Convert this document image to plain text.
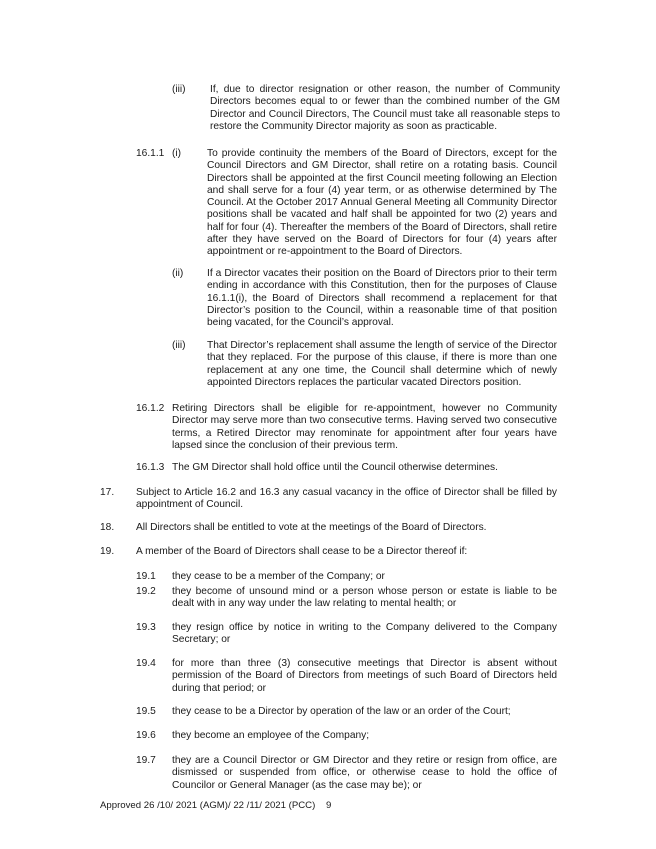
(iii) If, due to director resignation or other reason, the number of Community Directors becomes equal to or fewer than the combined number of the GM Director and Council Directors, The Council must take all reasonable steps to restore the Community Director majority as soon as practicable.
16.1.1 (i)	To provide continuity the members of the Board of Directors, except for the Council Directors and GM Director, shall retire on a rotating basis. Council Directors shall be appointed at the first Council meeting following an Election and shall serve for a four (4) year term, or as otherwise determined by The Council. At the October 2017 Annual General Meeting all Community Director positions shall be vacated and half shall be appointed for two (2) years and half for four (4). Thereafter the members of the Board of Directors, shall retire after they have served on the Board of Directors for four (4) years after appointment or re-appointment to the Board of Directors.
(ii) If a Director vacates their position on the Board of Directors prior to their term ending in accordance with this Constitution, then for the purposes of Clause 16.1.1(i), the Board of Directors shall recommend a replacement for that Director’s position to the Council, within a reasonable time of that position being vacated, for the Council’s approval.
(iii) That Director’s replacement shall assume the length of service of the Director that they replaced. For the purpose of this clause, if there is more than one replacement at any one time, the Council shall determine which of newly appointed Directors replaces the particular vacated Directors position.
16.1.2 Retiring Directors shall be eligible for re-appointment, however no Community Director may serve more than two consecutive terms. Having served two consecutive terms, a Retired Director may renominate for appointment after four years have lapsed since the conclusion of their previous term.
16.1.3 The GM Director shall hold office until the Council otherwise determines.
17. Subject to Article 16.2 and 16.3 any casual vacancy in the office of Director shall be filled by appointment of Council.
18. All Directors shall be entitled to vote at the meetings of the Board of Directors.
19. A member of the Board of Directors shall cease to be a Director thereof if:
19.1 they cease to be a member of the Company; or
19.2 they become of unsound mind or a person whose person or estate is liable to be dealt with in any way under the law relating to mental health; or
19.3 they resign office by notice in writing to the Company delivered to the Company Secretary; or
19.4 for more than three (3) consecutive meetings that Director is absent without permission of the Board of Directors from meetings of such Board of Directors held during that period; or
19.5 they cease to be a Director by operation of the law or an order of the Court;
19.6 they become an employee of the Company;
19.7 they are a Council Director or GM Director and they retire or resign from office, are dismissed or suspended from office, or otherwise cease to hold the office of Councilor or General Manager (as the case may be); or
Approved 26 /10/ 2021 (AGM)/ 22 /11/ 2021 (PCC) 9
